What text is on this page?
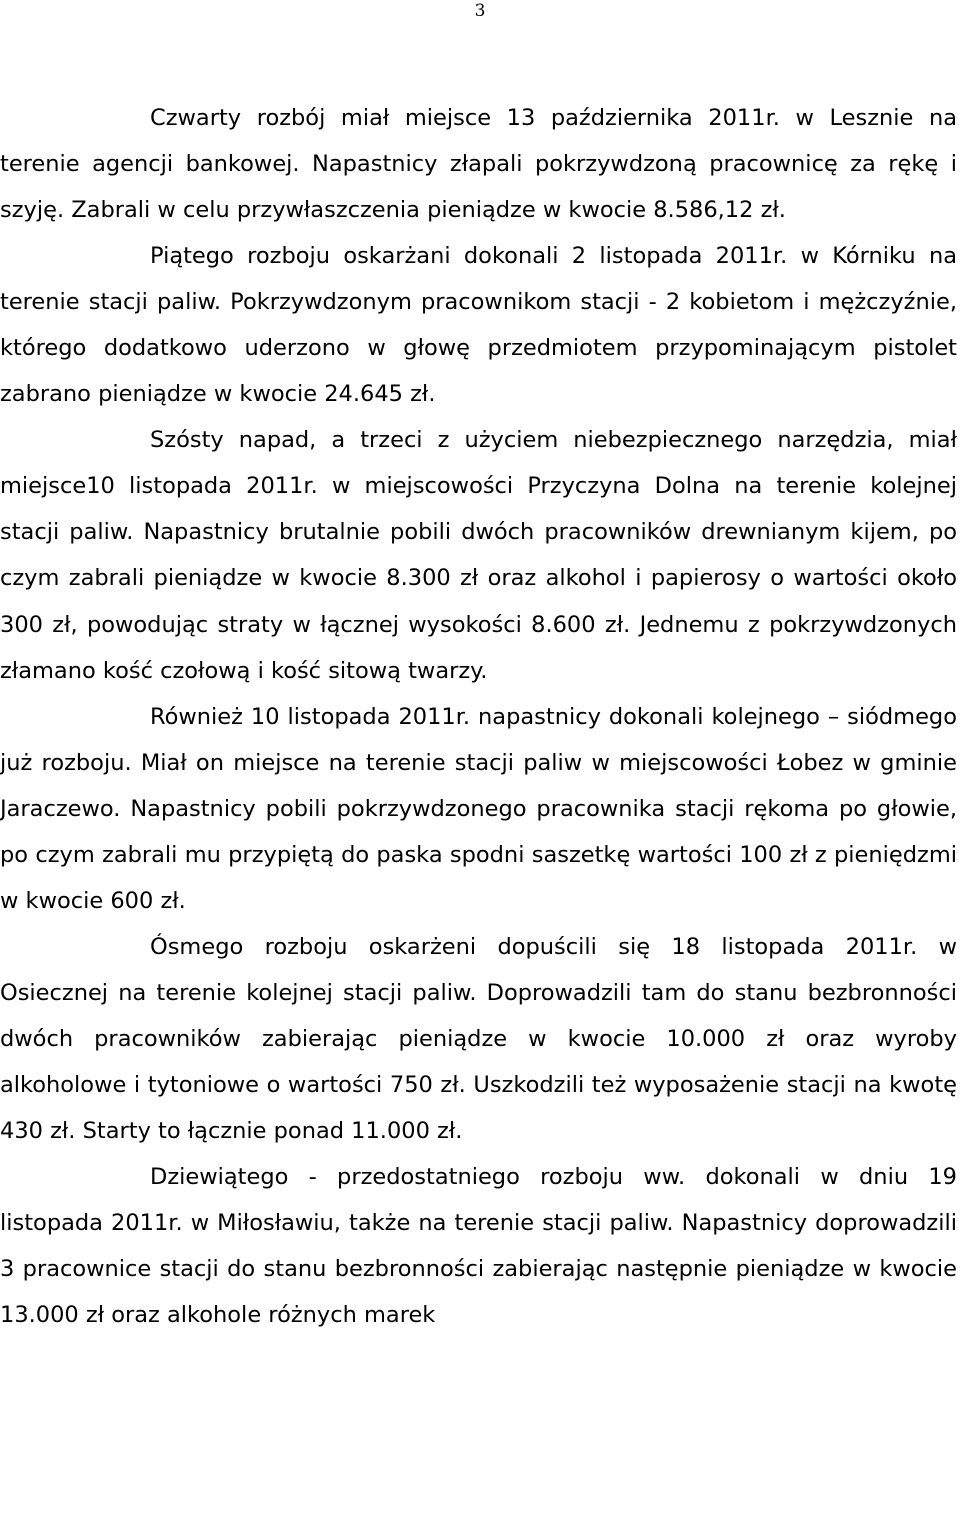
3

Czwarty rozbój miał miejsce 13 października 2011r. w Lesznie na terenie agencji bankowej. Napastnicy złapali pokrzywdzoną pracownicę za rękę i szyję. Zabrali w celu przywłaszczenia pieniądze w kwocie 8.586,12 zł.

Piątego rozboju oskarżani dokonali 2 listopada 2011r. w Kórniku na terenie stacji paliw. Pokrzywdzonym pracownikom stacji - 2 kobietom i mężczyźnie, którego dodatkowo uderzono w głowę przedmiotem przypominającym pistolet zabrano pieniądze w kwocie 24.645 zł.

Szósty napad, a trzeci z użyciem niebezpiecznego narzędzia, miał miejsce10 listopada 2011r. w miejscowości Przyczyna Dolna na terenie kolejnej stacji paliw. Napastnicy brutalnie pobili dwóch pracowników drewnianym kijem, po czym zabrali pieniądze w kwocie 8.300 zł oraz alkohol i papierosy o wartości około 300 zł, powodując straty w łącznej wysokości 8.600 zł. Jednemu z pokrzywdzonych złamano kość czołową i kość sitową twarzy.

Również 10 listopada 2011r. napastnicy dokonali kolejnego – siódmego już rozboju. Miał on miejsce na terenie stacji paliw w miejscowości Łobez w gminie Jaraczewo. Napastnicy pobili pokrzywdzonego pracownika stacji rękoma po głowie, po czym zabrali mu przypiętą do paska spodni saszetkę wartości 100 zł z pieniędzmi w kwocie 600 zł.

Ósmego rozboju oskarżeni dopuścili się 18 listopada 2011r. w Osiecznej na terenie kolejnej stacji paliw. Doprowadzili tam do stanu bezbronności dwóch pracowników zabierając pieniądze w kwocie 10.000 zł oraz wyroby alkoholowe i tytoniowe o wartości 750 zł. Uszkodzili też wyposażenie stacji na kwotę 430 zł. Starty to łącznie ponad 11.000 zł.

Dziewiątego - przedostatniego rozboju ww. dokonali w dniu 19 listopada 2011r. w Miłosławiu, także na terenie stacji paliw. Napastnicy doprowadzili 3 pracownice stacji do stanu bezbronności zabierając następnie pieniądze w kwocie 13.000 zł oraz alkohole różnych marek
